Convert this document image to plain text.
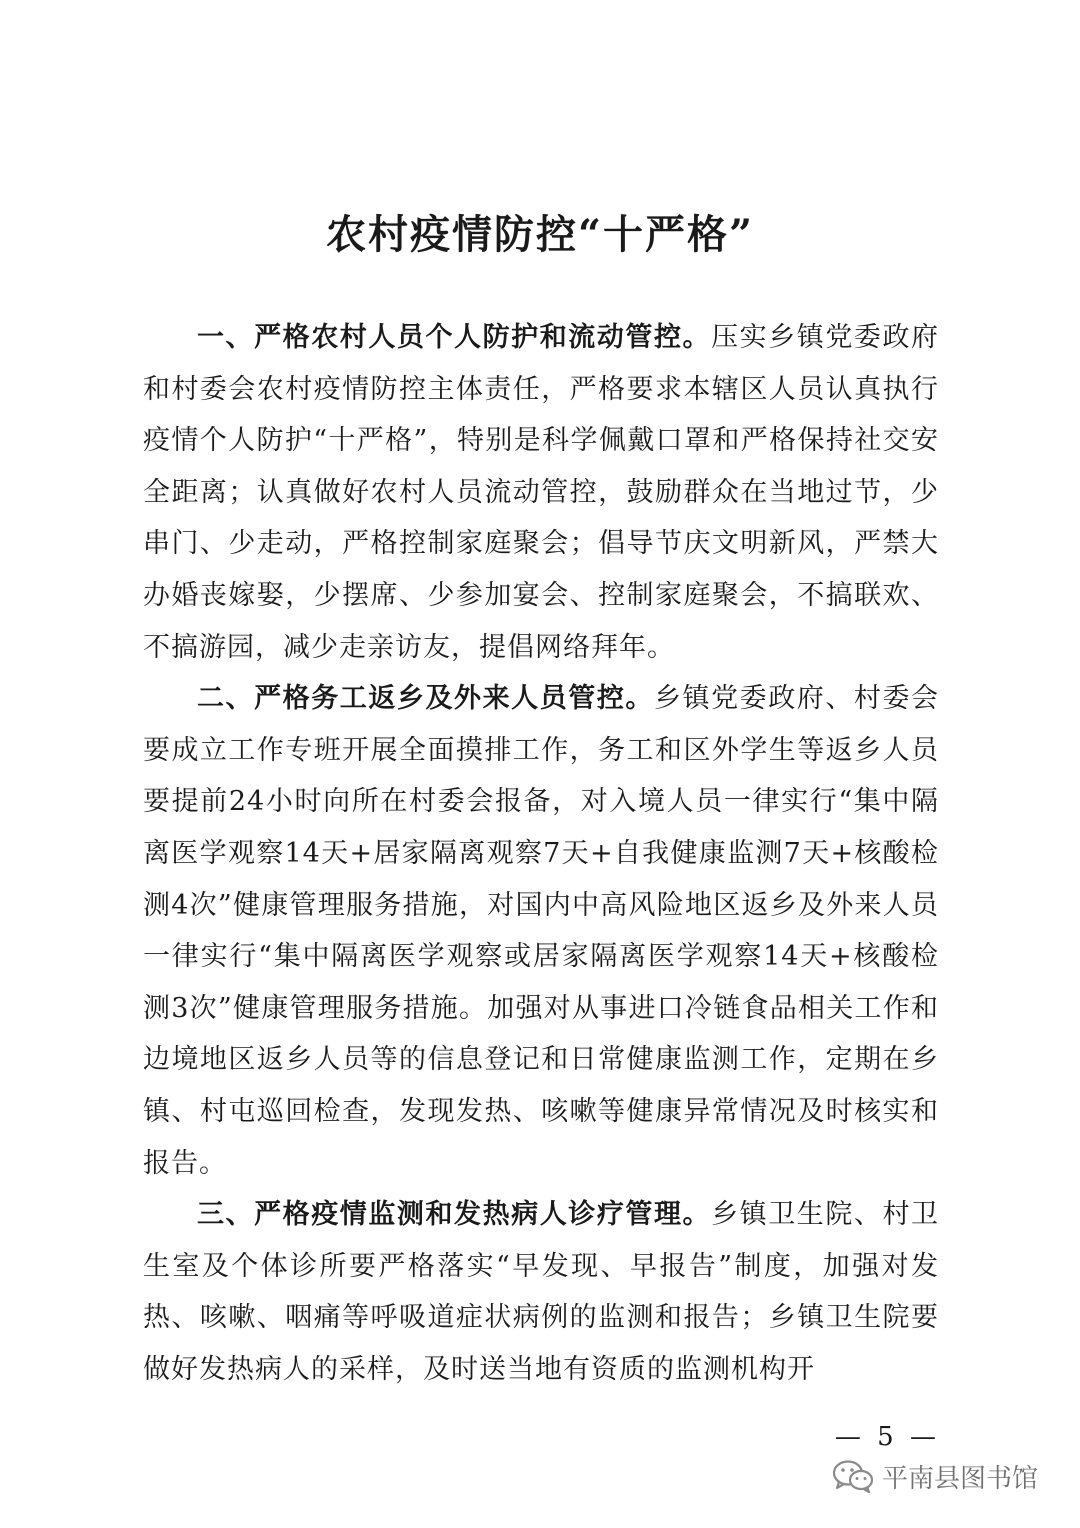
农村疫情防控“十严格”

一、严格农村人员个人防护和流动管控。压实乡镇党委政府和村委会农村疫情防控主体责任，严格要求本辖区人员认真执行疫情个人防护“十严格”，特别是科学佩戴口罩和严格保持社交安全距离；认真做好农村人员流动管控，鼓励群众在当地过节，少串门、少走动，严格控制家庭聚会；倡导节庆文明新风，严禁大办婚丧嫁娶，少摆席、少参加宴会、控制家庭聚会，不搞联欢、不搞游园，减少走亲访友，提倡网络拜年。

二、严格务工返乡及外来人员管控。乡镇党委政府、村委会要成立工作专班开展全面摸排工作，务工和区外学生等返乡人员要提前24小时向所在村委会报备，对入境人员一律实行“集中隔离医学观察14天+居家隔离观察7天+自我健康监测7天+核酸检测4次”健康管理服务措施，对国内中高风险地区返乡及外来人员一律实行“集中隔离医学观察或居家隔离医学观察14天+核酸检测3次”健康管理服务措施。加强对从事进口冷链食品相关工作和边境地区返乡人员等的信息登记和日常健康监测工作，定期在乡镇、村屯巡回检查，发现发热、咳嗽等健康异常情况及时核实和报告。

三、严格疫情监测和发热病人诊疗管理。乡镇卫生院、村卫生室及个体诊所要严格落实“早发现、早报告”制度，加强对发热、咳嗽、咽痛等呼吸道症状病例的监测和报告；乡镇卫生院要做好发热病人的采样，及时送当地有资质的监测机构开

— 5 —
平南县图书馆
